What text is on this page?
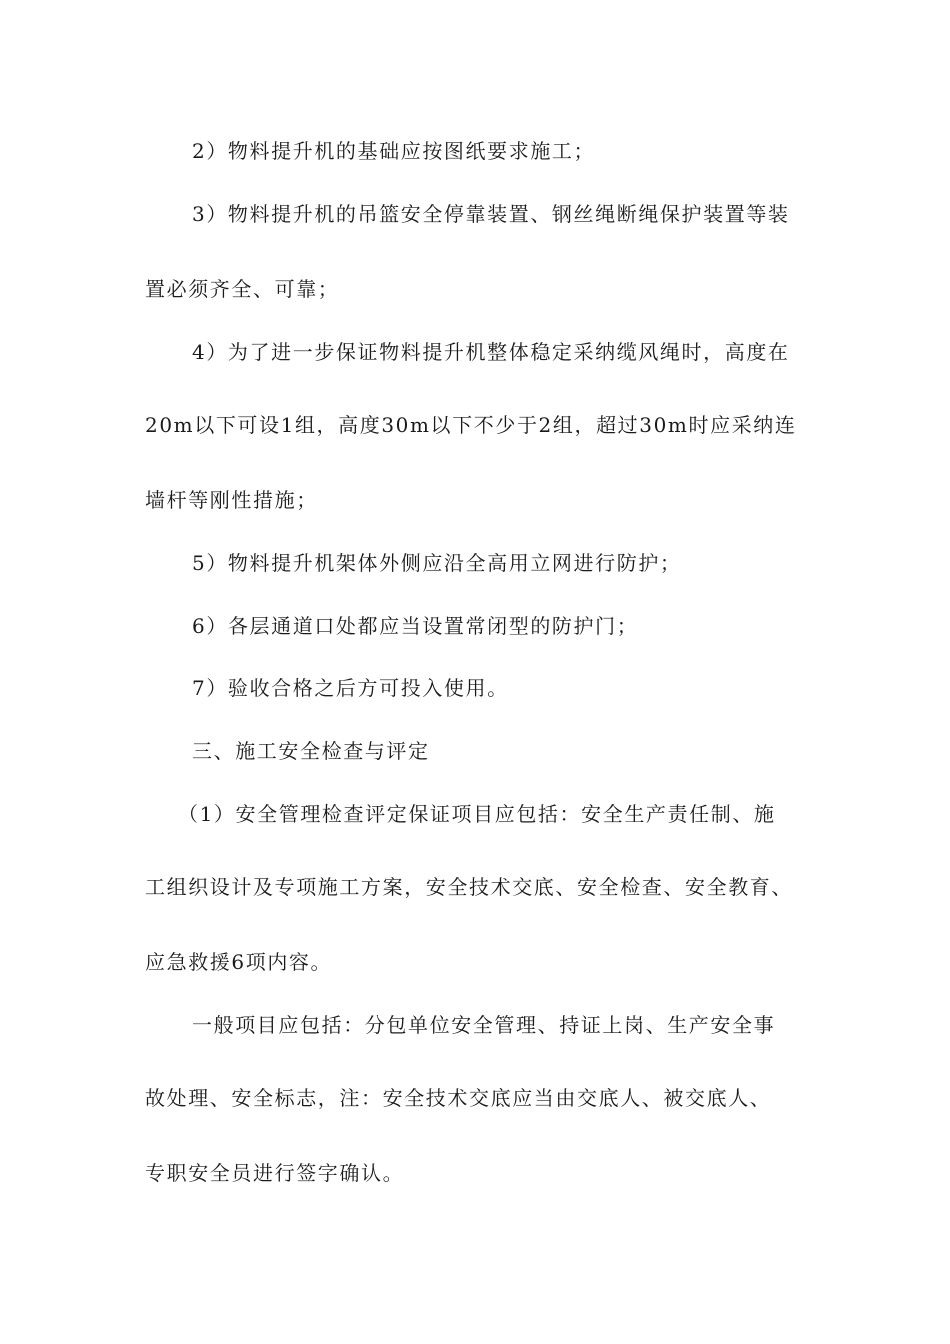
2）物料提升机的基础应按图纸要求施工；
3）物料提升机的吊篮安全停靠装置、钢丝绳断绳保护装置等装
置必须齐全、可靠；
4）为了进一步保证物料提升机整体稳定采纳缆风绳时，高度在
20m以下可设1组，高度30m以下不少于2组，超过30m时应采纳连
墙杆等刚性措施；
5）物料提升机架体外侧应沿全高用立网进行防护；
6）各层通道口处都应当设置常闭型的防护门；
7）验收合格之后方可投入使用。
三、施工安全检查与评定
（1）安全管理检查评定保证项目应包括：安全生产责任制、施
工组织设计及专项施工方案，安全技术交底、安全检查、安全教育、
应急救援6项内容。
一般项目应包括：分包单位安全管理、持证上岗、生产安全事
故处理、安全标志，注：安全技术交底应当由交底人、被交底人、
专职安全员进行签字确认。
